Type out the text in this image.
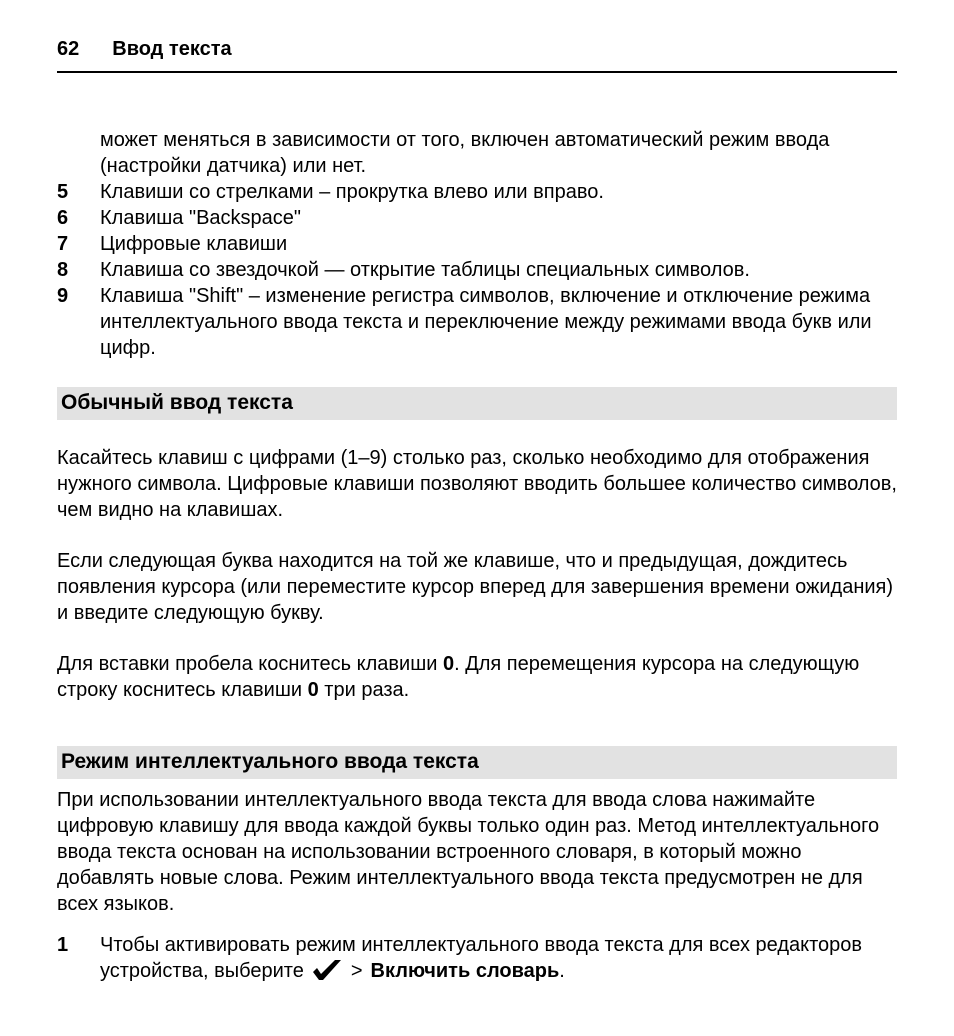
62 Ввод текста
может меняться в зависимости от того, включен автоматический режим ввода (настройки датчика) или нет.
5	Клавиши со стрелками – прокрутка влево или вправо.
6	Клавиша "Backspace"
7	Цифровые клавиши
8	Клавиша со звездочкой — открытие таблицы специальных символов.
9	Клавиша "Shift" – изменение регистра символов, включение и отключение режима интеллектуального ввода текста и переключение между режимами ввода букв или цифр.
Обычный ввод текста

Касайтесь клавиш с цифрами (1–9) столько раз, сколько необходимо для отображения нужного символа. Цифровые клавиши позволяют вводить большее количество символов, чем видно на клавишах.

Если следующая буква находится на той же клавише, что и предыдущая, дождитесь появления курсора (или переместите курсор вперед для завершения времени ожидания) и введите следующую букву.

Для вставки пробела коснитесь клавиши 0. Для перемещения курсора на следующую строку коснитесь клавиши 0 три раза.

Режим интеллектуального ввода текста

При использовании интеллектуального ввода текста для ввода слова нажимайте цифровую клавишу для ввода каждой буквы только один раз. Метод интеллектуального ввода текста основан на использовании встроенного словаря, в который можно добавлять новые слова. Режим интеллектуального ввода текста предусмотрен не для всех языков.

1	Чтобы активировать режим интеллектуального ввода текста для всех редакторов устройства, выберите > Включить словарь.
